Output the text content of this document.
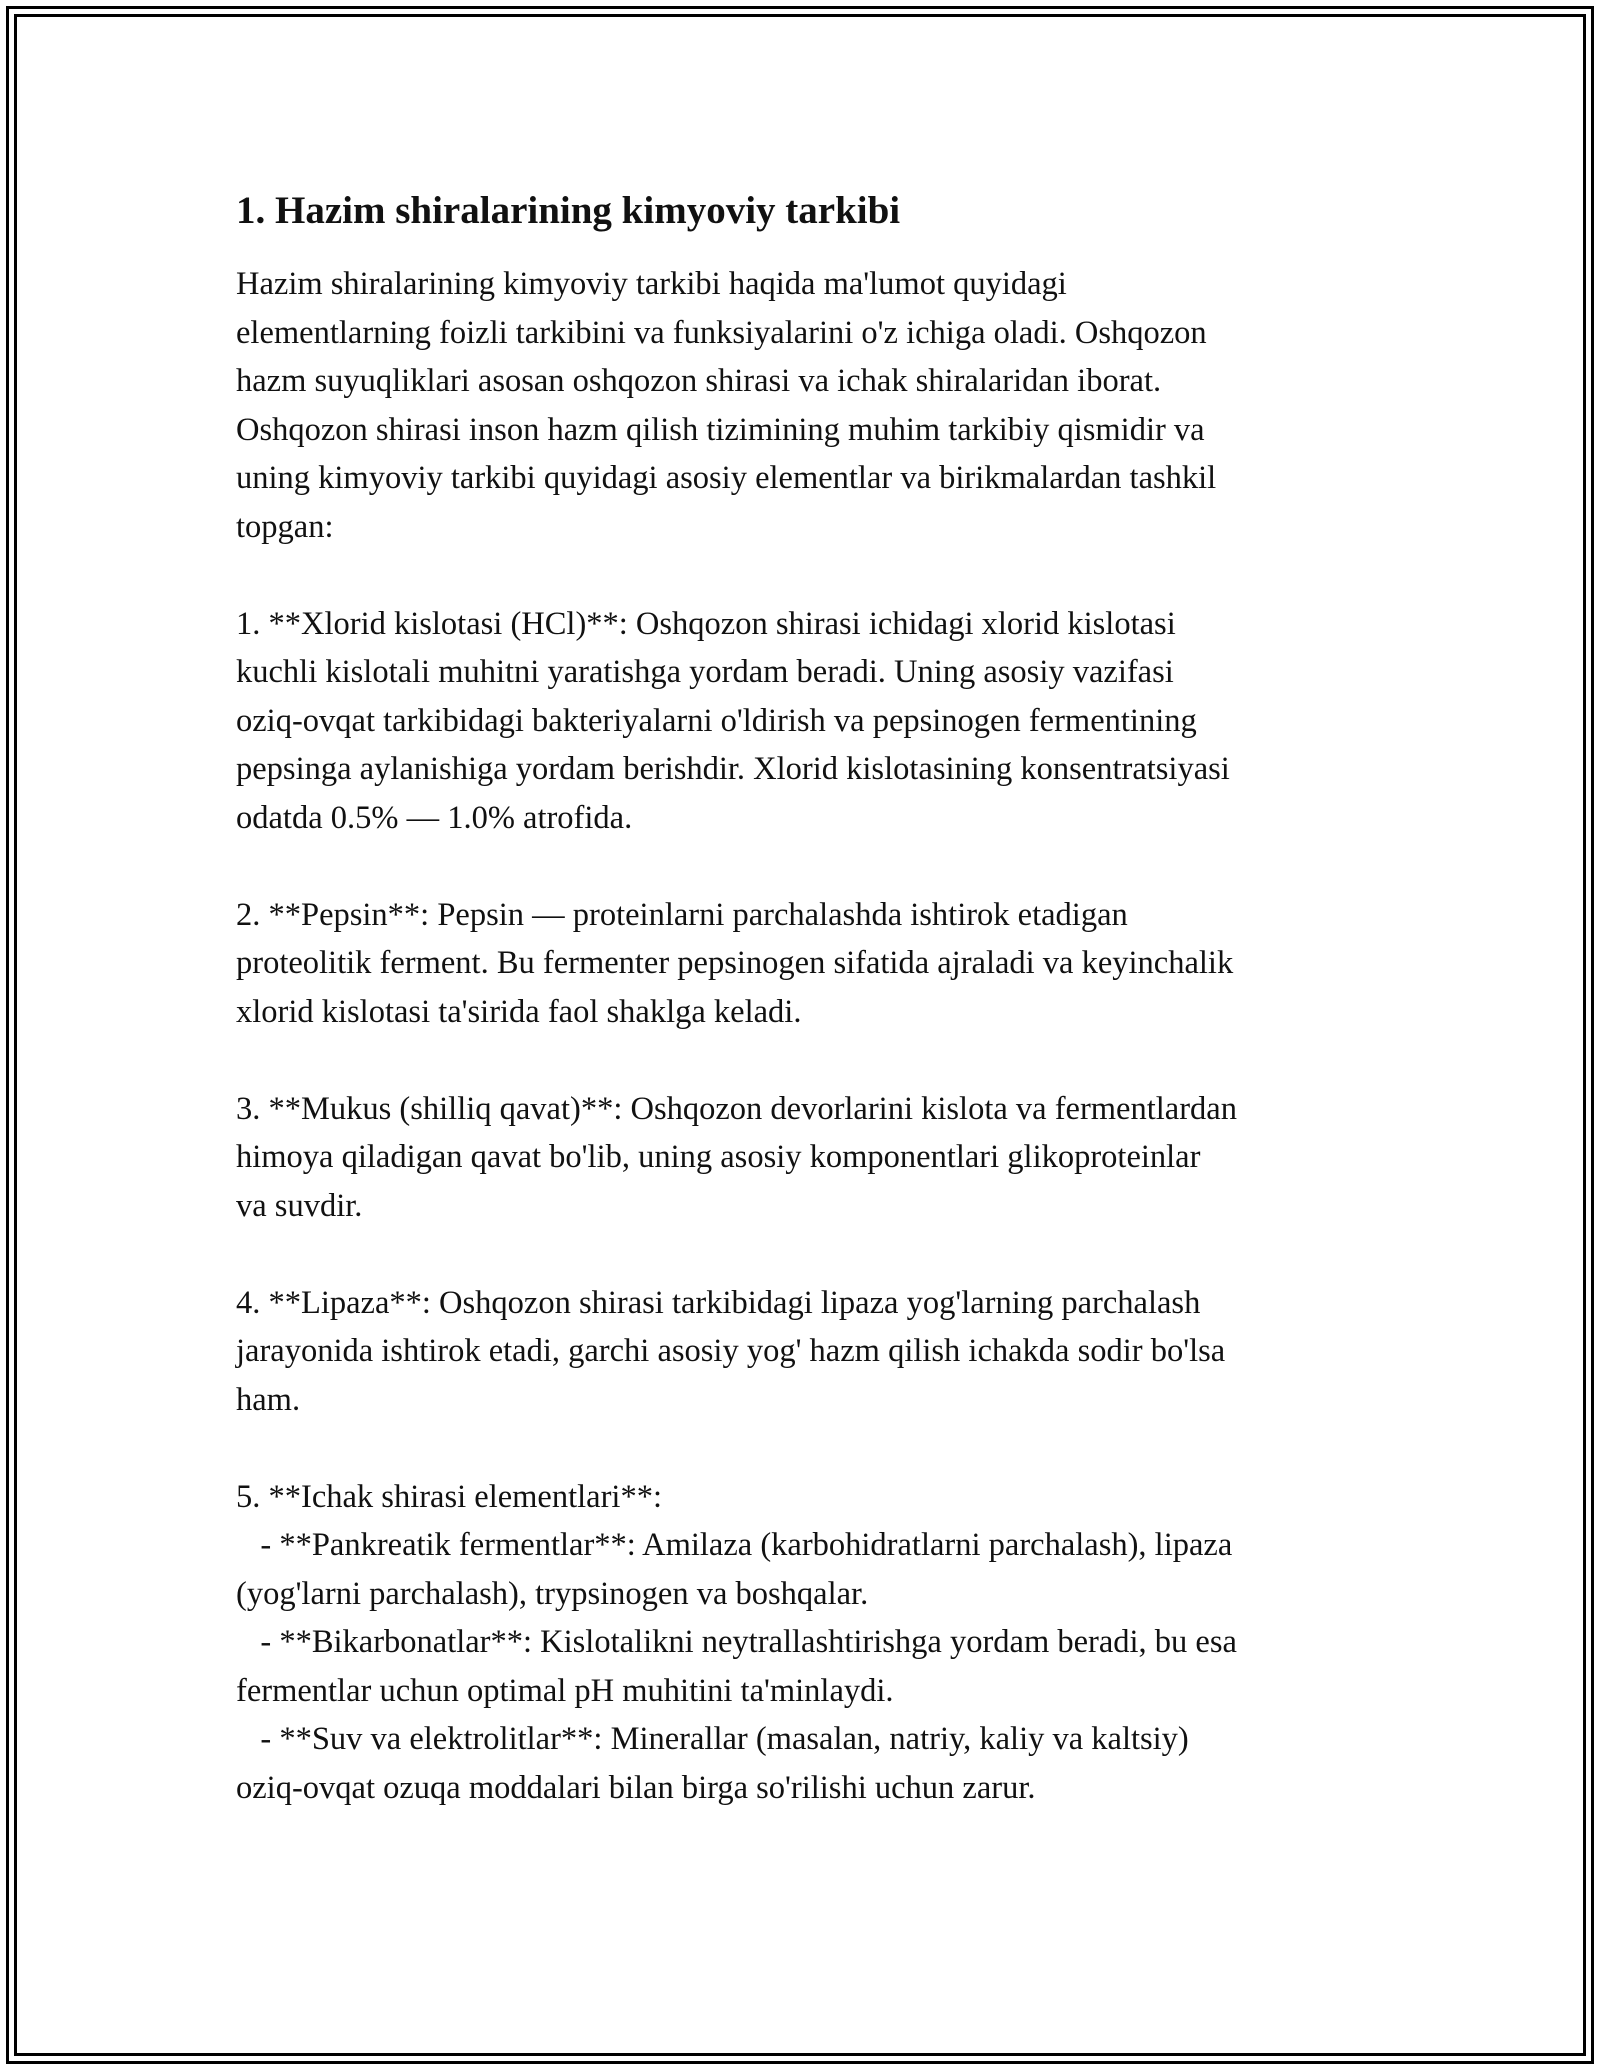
1. Hazim shiralarining kimyoviy tarkibi

Hazim shiralarining kimyoviy tarkibi haqida ma'lumot quyidagi
elementlarning foizli tarkibini va funksiyalarini o'z ichiga oladi. Oshqozon
hazm suyuqliklari asosan oshqozon shirasi va ichak shiralaridan iborat.
Oshqozon shirasi inson hazm qilish tizimining muhim tarkibiy qismidir va
uning kimyoviy tarkibi quyidagi asosiy elementlar va birikmalardan tashkil
topgan:

1. **Xlorid kislotasi (HCl)**: Oshqozon shirasi ichidagi xlorid kislotasi
kuchli kislotali muhitni yaratishga yordam beradi. Uning asosiy vazifasi
oziq-ovqat tarkibidagi bakteriyalarni o'ldirish va pepsinogen fermentining
pepsinga aylanishiga yordam berishdir. Xlorid kislotasining konsentratsiyasi
odatda 0.5% — 1.0% atrofida.

2. **Pepsin**: Pepsin — proteinlarni parchalashda ishtirok etadigan
proteolitik ferment. Bu fermenter pepsinogen sifatida ajraladi va keyinchalik
xlorid kislotasi ta'sirida faol shaklga keladi.

3. **Mukus (shilliq qavat)**: Oshqozon devorlarini kislota va fermentlardan
himoya qiladigan qavat bo'lib, uning asosiy komponentlari glikoproteinlar
va suvdir.

4. **Lipaza**: Oshqozon shirasi tarkibidagi lipaza yog'larning parchalash
jarayonida ishtirok etadi, garchi asosiy yog' hazm qilish ichakda sodir bo'lsa
ham.

5. **Ichak shirasi elementlari**:
- **Pankreatik fermentlar**: Amilaza (karbohidratlarni parchalash), lipaza
(yog'larni parchalash), trypsinogen va boshqalar.
- **Bikarbonatlar**: Kislotalikni neytrallashtirishga yordam beradi, bu esa
fermentlar uchun optimal pH muhitini ta'minlaydi.
- **Suv va elektrolitlar**: Minerallar (masalan, natriy, kaliy va kaltsiy)
oziq-ovqat ozuqa moddalari bilan birga so'rilishi uchun zarur.
